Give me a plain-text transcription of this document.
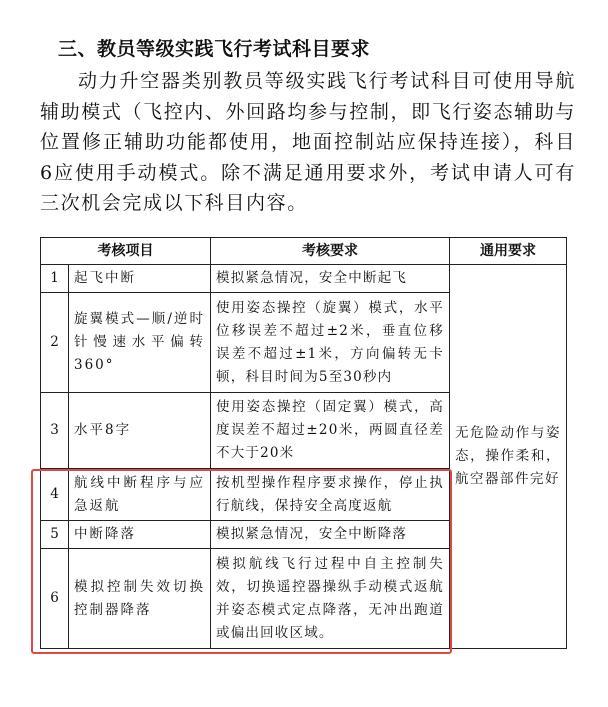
三、教员等级实践飞行考试科目要求

动力升空器类别教员等级实践飞行考试科目可使用导航辅助模式（飞控内、外回路均参与控制，即飞行姿态辅助与位置修正辅助功能都使用，地面控制站应保持连接），科目6应使用手动模式。除不满足通用要求外，考试申请人可有三次机会完成以下科目内容。

考核项目		考核要求	通用要求
1	起飞中断	模拟紧急情况，安全中断起飞	无危险动作与姿态，操作柔和，航空器部件完好
2	旋翼模式—顺/逆时针慢速水平偏转360°	使用姿态操控（旋翼）模式，水平位移误差不超过±2米，垂直位移误差不超过±1米，方向偏转无卡顿，科目时间为5至30秒内	
3	水平8字	使用姿态操控（固定翼）模式，高度误差不超过±20米，两圆直径差不大于20米	
4	航线中断程序与应急返航	按机型操作程序要求操作，停止执行航线，保持安全高度返航	
5	中断降落	模拟紧急情况，安全中断降落	
6	模拟控制失效切换控制器降落	模拟航线飞行过程中自主控制失效，切换遥控器操纵手动模式返航并姿态模式定点降落，无冲出跑道或偏出回收区域。	
